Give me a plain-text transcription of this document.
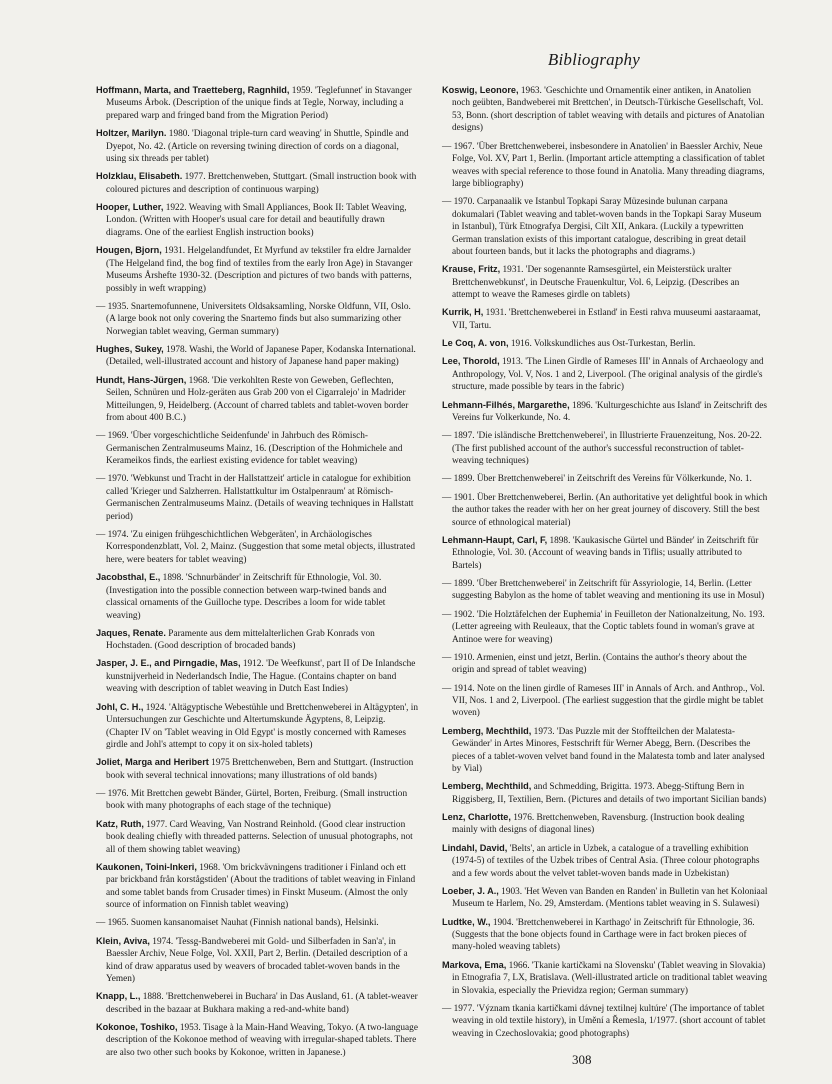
Bibliography

Hoffmann, Marta, and Traetteberg, Ragnhild, 1959. 'Teglefunnet' in Stavanger Museums Årbok. (Description of the unique finds at Tegle, Norway, including a prepared warp and fringed band from the Migration Period)

Holtzer, Marilyn. 1980. 'Diagonal triple-turn card weaving' in Shuttle, Spindle and Dyepot, No. 42. (Article on reversing twining direction of cords on a diagonal, using six threads per tablet)

Holzklau, Elisabeth. 1977. Brettchenweben, Stuttgart. (Small instruction book with coloured pictures and description of continuous warping)

Hooper, Luther, 1922. Weaving with Small Appliances, Book II: Tablet Weaving, London. (Written with Hooper's usual care for detail and beautifully drawn diagrams. One of the earliest English instruction books)

Hougen, Bjorn, 1931. Helgelandfundet, Et Myrfund av tekstiler fra eldre Jarnalder (The Helgeland find, the bog find of textiles from the early Iron Age) in Stavanger Museums Årshefte 1930-32. (Description and pictures of two bands with patterns, possibly in weft wrapping)

— 1935. Snartemofunnene, Universitets Oldsaksamling, Norske Oldfunn, VII, Oslo. (A large book not only covering the Snartemo finds but also summarizing other Norwegian tablet weaving, German summary)

Hughes, Sukey, 1978. Washi, the World of Japanese Paper, Kodanska International. (Detailed, well-illustrated account and history of Japanese hand paper making)

Hundt, Hans-Jürgen, 1968. 'Die verkohlten Reste von Geweben, Geflechten, Seilen, Schnüren und Holz-geräten aus Grab 200 von el Cigarralejo' in Madrider Mitteilungen, 9, Heidelberg. (Account of charred tablets and tablet-woven border from about 400 B.C.)

— 1969. 'Über vorgeschichtliche Seidenfunde' in Jahrbuch des Römisch-Germanischen Zentralmuseums Mainz, 16. (Description of the Hohmichele and Kerameikos finds, the earliest existing evidence for tablet weaving)

— 1970. 'Webkunst und Tracht in der Hallstattzeit' article in catalogue for exhibition called 'Krieger und Salzherren. Hallstattkultur im Ostalpenraum' at Römisch-Germanischen Zentralmuseums Mainz. (Details of weaving techniques in Hallstatt period)

— 1974. 'Zu einigen frühgeschichtlichen Webgeräten', in Archäologisches Korrespondenzblatt, Vol. 2, Mainz. (Suggestion that some metal objects, illustrated here, were beaters for tablet weaving)

Jacobsthal, E., 1898. 'Schnurbänder' in Zeitschrift für Ethnologie, Vol. 30. (Investigation into the possible connection between warp-twined bands and classical ornaments of the Guilloche type. Describes a loom for wide tablet weaving)

Jaques, Renate. Paramente aus dem mittelalterlichen Grab Konrads von Hochstaden. (Good description of brocaded bands)

Jasper, J. E., and Pirngadie, Mas, 1912. 'De Weefkunst', part II of De Inlandsche kunstnijverheid in Nederlandsch Indie, The Hague. (Contains chapter on band weaving with description of tablet weaving in Dutch East Indies)

Johl, C. H., 1924. 'Altägyptische Webestühle und Brettchenweberei in Altägypten', in Untersuchungen zur Geschichte und Altertumskunde Ägyptens, 8, Leipzig. (Chapter IV on 'Tablet weaving in Old Egypt' is mostly concerned with Rameses girdle and Johl's attempt to copy it on six-holed tablets)

Joliet, Marga and Heribert 1975 Brettchenweben, Bern and Stuttgart. (Instruction book with several technical innovations; many illustrations of old bands)

— 1976. Mit Brettchen gewebt Bänder, Gürtel, Borten, Freiburg. (Small instruction book with many photographs of each stage of the technique)

Katz, Ruth, 1977. Card Weaving, Van Nostrand Reinhold. (Good clear instruction book dealing chiefly with threaded patterns. Selection of unusual photographs, not all of them showing tablet weaving)

Kaukonen, Toini-Inkeri, 1968. 'Om brickvävningens traditioner i Finland och ett par brickband från korstågstiden' (About the traditions of tablet weaving in Finland and some tablet bands from Crusader times) in Finskt Museum. (Almost the only source of information on Finnish tablet weaving)

— 1965. Suomen kansanomaiset Nauhat (Finnish national bands), Helsinki.

Klein, Aviva, 1974. 'Tessg-Bandweberei mit Gold- und Silberfaden in San'a', in Baessler Archiv, Neue Folge, Vol. XXII, Part 2, Berlin. (Detailed description of a kind of draw apparatus used by weavers of brocaded tablet-woven bands in the Yemen)

Knapp, L., 1888. 'Brettchenweberei in Buchara' in Das Ausland, 61. (A tablet-weaver described in the bazaar at Bukhara making a red-and-white band)

Kokonoe, Toshiko, 1953. Tisage à la Main-Hand Weaving, Tokyo. (A two-language description of the Kokonoe method of weaving with irregular-shaped tablets. There are also two other such books by Kokonoe, written in Japanese.)

Koswig, Leonore, 1963. 'Geschichte und Ornamentik einer antiken, in Anatolien noch geübten, Bandweberei mit Brettchen', in Deutsch-Türkische Gesellschaft, Vol. 53, Bonn. (short description of tablet weaving with details and pictures of Anatolian designs)

— 1967. 'Über Brettchenweberei, insbesondere in Anatolien' in Baessler Archiv, Neue Folge, Vol. XV, Part 1, Berlin. (Important article attempting a classification of tablet weaves with special reference to those found in Anatolia. Many threading diagrams, large bibliography)

— 1970. Carpanaalik ve Istanbul Topkapi Saray Müzesinde bulunan carpana dokumalari (Tablet weaving and tablet-woven bands in the Topkapi Saray Museum in Istanbul), Türk Etnografya Dergisi, Cilt XII, Ankara. (Luckily a typewritten German translation exists of this important catalogue, describing in great detail about fourteen bands, but it lacks the photographs and diagrams.)

Krause, Fritz, 1931. 'Der sogenannte Ramsesgürtel, ein Meisterstück uralter Brettchenwebkunst', in Deutsche Frauenkultur, Vol. 6, Leipzig. (Describes an attempt to weave the Rameses girdle on tablets)

Kurrik, H, 1931. 'Brettchenweberei in Estland' in Eesti rahva muuseumi aastaraamat, VII, Tartu.

Le Coq, A. von, 1916. Volkskundliches aus Ost-Turkestan, Berlin.

Lee, Thorold, 1913. 'The Linen Girdle of Rameses III' in Annals of Archaeology and Anthropology, Vol. V, Nos. 1 and 2, Liverpool. (The original analysis of the girdle's structure, made possible by tears in the fabric)

Lehmann-Filhés, Margarethe, 1896. 'Kulturgeschichte aus Island' in Zeitschrift des Vereins fur Volkerkunde, No. 4.

— 1897. 'Die isländische Brettchenweberei', in Illustrierte Frauenzeitung, Nos. 20-22. (The first published account of the author's successful reconstruction of tablet-weaving techniques)

— 1899. Über Brettchenweberei' in Zeitschrift des Vereins für Völkerkunde, No. 1.

— 1901. Über Brettchenweberei, Berlin. (An authoritative yet delightful book in which the author takes the reader with her on her great journey of discovery. Still the best source of ethnological material)

Lehmann-Haupt, Carl, F, 1898. 'Kaukasische Gürtel und Bänder' in Zeitschrift für Ethnologie, Vol. 30. (Account of weaving bands in Tiflis; usually attributed to Bartels)

— 1899. 'Über Brettchenweberei' in Zeitschrift für Assyriologie, 14, Berlin. (Letter suggesting Babylon as the home of tablet weaving and mentioning its use in Mosul)

— 1902. 'Die Holztäfelchen der Euphemia' in Feuilleton der Nationalzeitung, No. 193. (Letter agreeing with Reuleaux, that the Coptic tablets found in woman's grave at Antinoe were for weaving)

— 1910. Armenien, einst und jetzt, Berlin. (Contains the author's theory about the origin and spread of tablet weaving)

— 1914. Note on the linen girdle of Rameses III' in Annals of Arch. and Anthrop., Vol. VII, Nos. 1 and 2, Liverpool. (The earliest suggestion that the girdle might be tablet woven)

Lemberg, Mechthild, 1973. 'Das Puzzle mit der Stoffteilchen der Malatesta-Gewänder' in Artes Minores, Festschrift für Werner Abegg, Bern. (Describes the pieces of a tablet-woven velvet band found in the Malatesta tomb and later analysed by Vial)

Lemberg, Mechthild, and Schmedding, Brigitta. 1973. Abegg-Stiftung Bern in Riggisberg, II, Textilien, Bern. (Pictures and details of two important Sicilian bands)

Lenz, Charlotte, 1976. Brettchenweben, Ravensburg. (Instruction book dealing mainly with designs of diagonal lines)

Lindahl, David, 'Belts', an article in Uzbek, a catalogue of a travelling exhibition (1974-5) of textiles of the Uzbek tribes of Central Asia. (Three colour photographs and a few words about the velvet tablet-woven bands made in Uzbekistan)

Loeber, J. A., 1903. 'Het Weven van Banden en Randen' in Bulletin van het Koloniaal Museum te Harlem, No. 29, Amsterdam. (Mentions tablet weaving in S. Sulawesi)

Ludtke, W., 1904. 'Brettchenweberei in Karthago' in Zeitschrift für Ethnologie, 36. (Suggests that the bone objects found in Carthage were in fact broken pieces of many-holed weaving tablets)

Markova, Ema, 1966. 'Tkanie kartičkami na Slovensku' (Tablet weaving in Slovakia) in Etnografia 7, LX, Bratislava. (Well-illustrated article on traditional tablet weaving in Slovakia, especially the Prievidza region; German summary)

— 1977. 'Význam tkania kartičkami dávnej textilnej kultúre' (The importance of tablet weaving in old textile history), in Umění a Řemesla, 1/1977. (short account of tablet weaving in Czechoslovakia; good photographs)

308
